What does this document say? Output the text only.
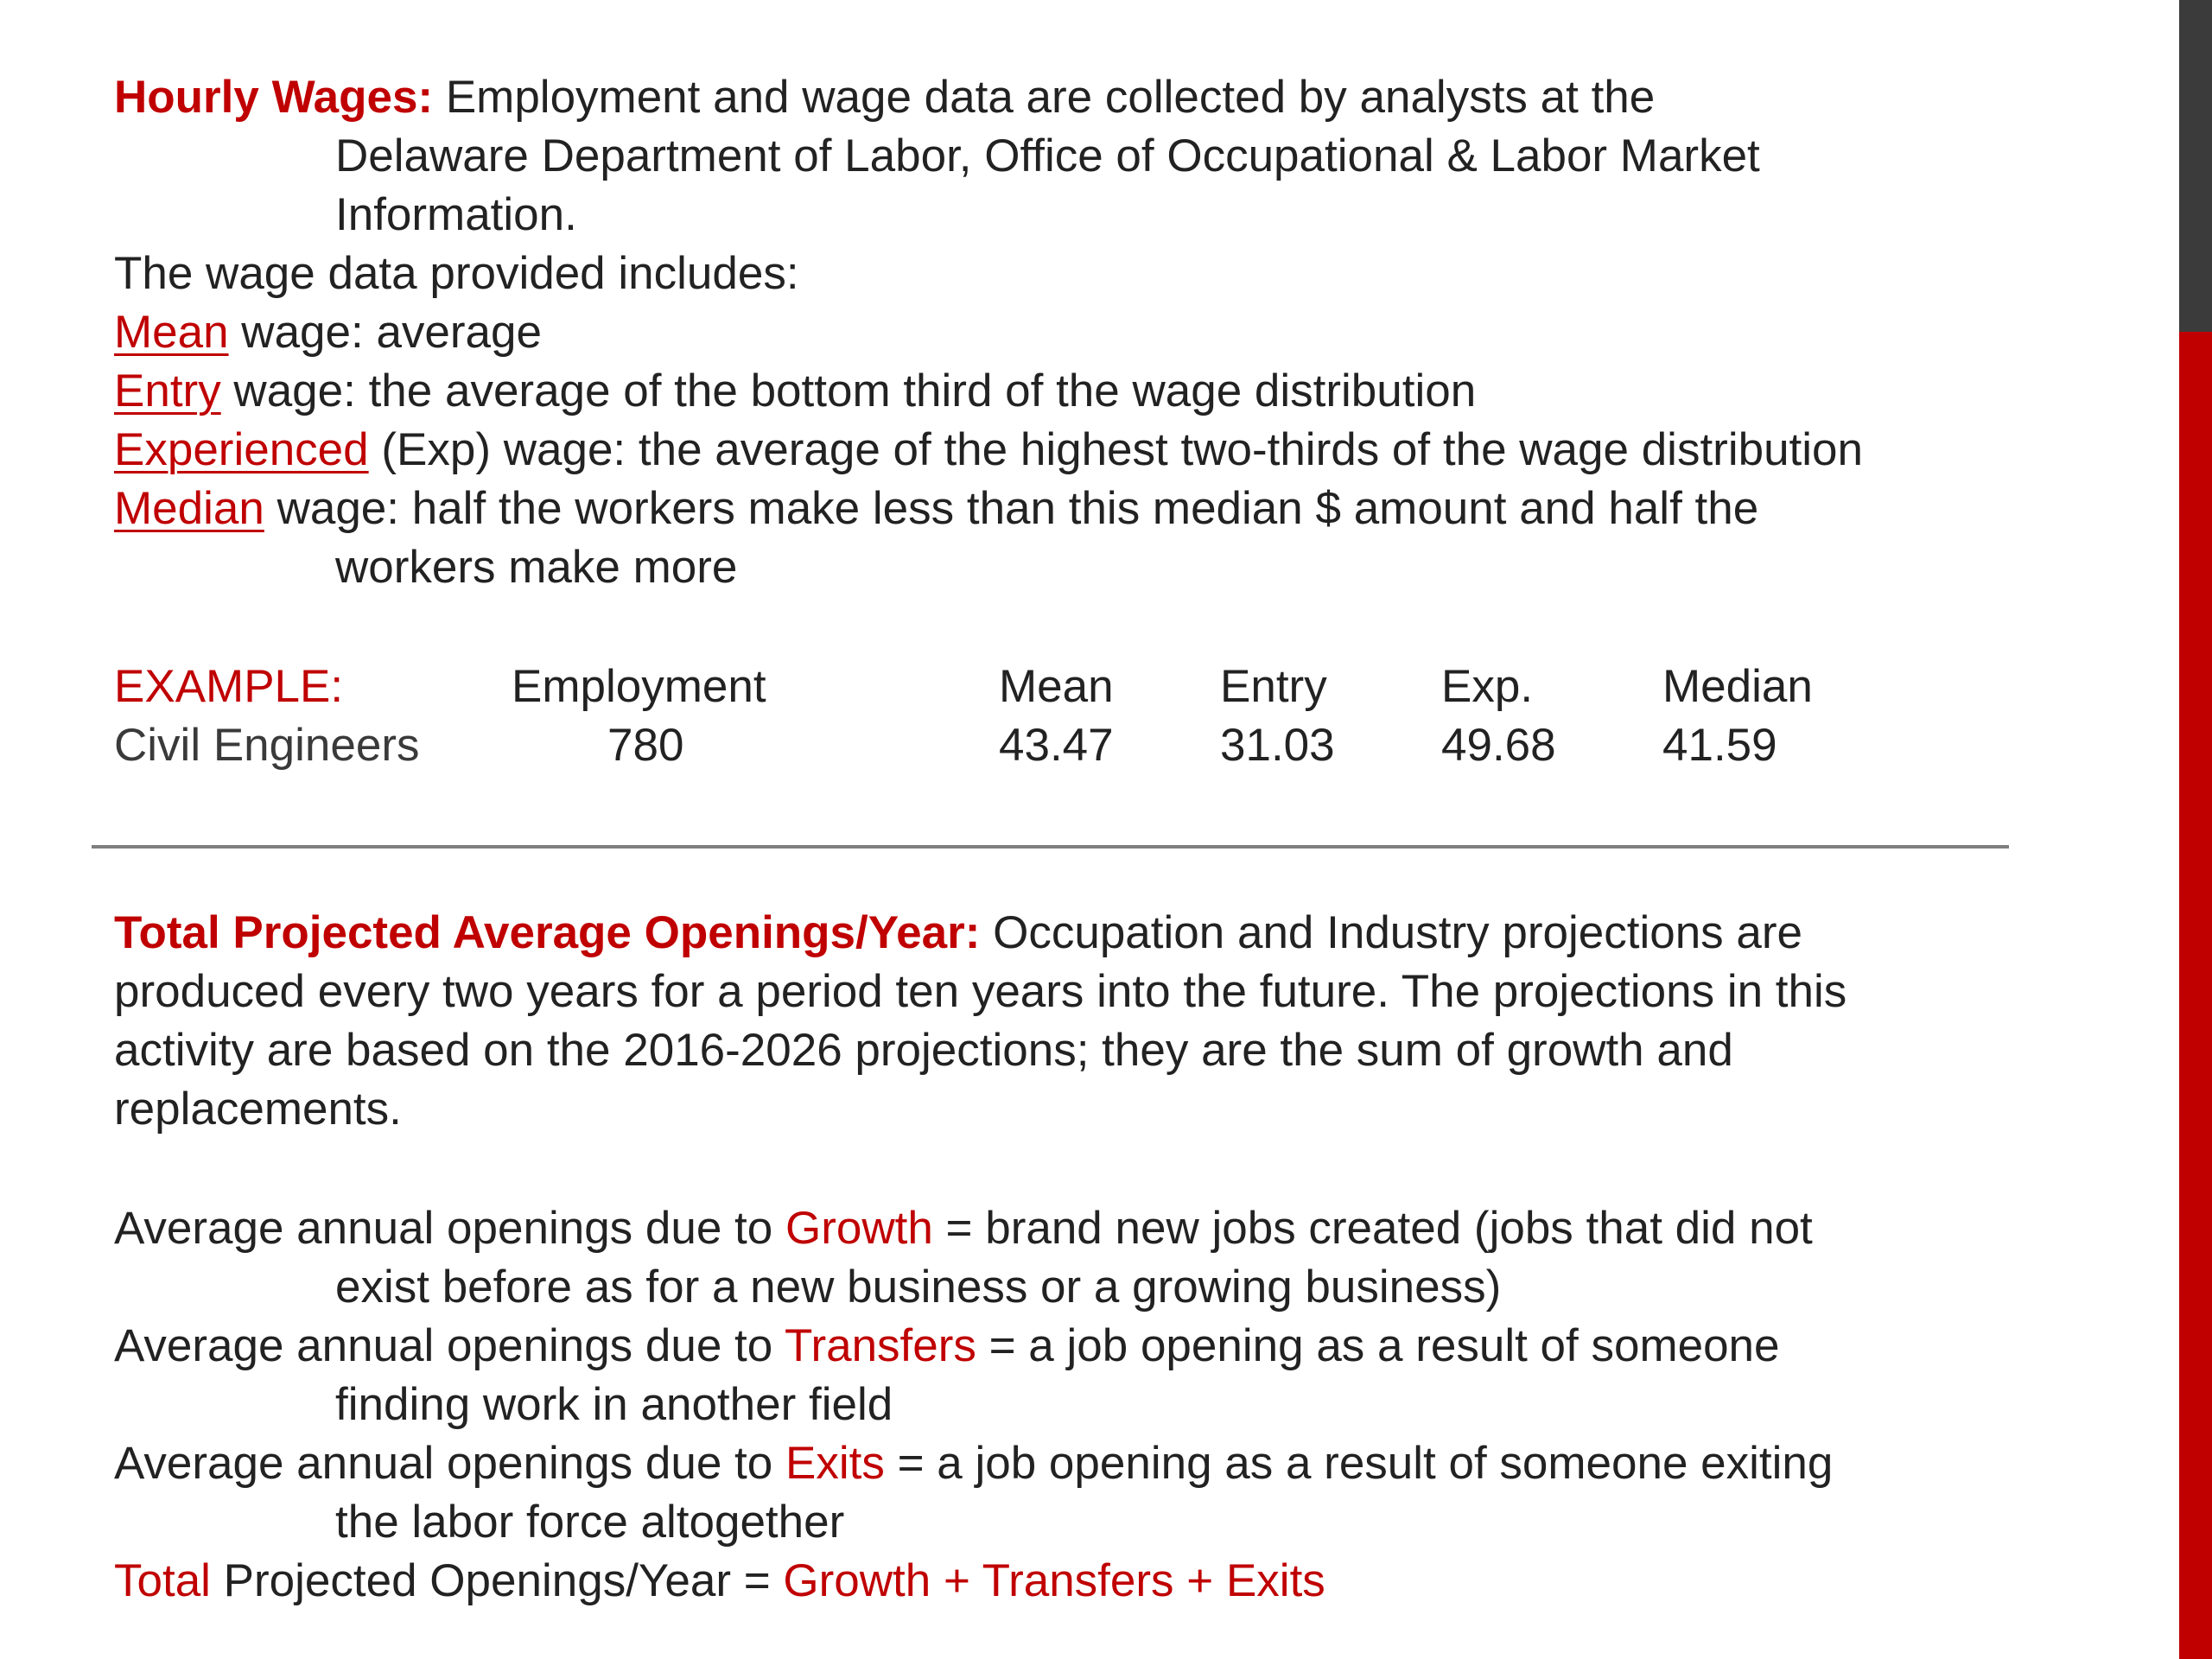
Hourly Wages: Employment and wage data are collected by analysts at the
Delaware Department of Labor, Office of Occupational & Labor Market
Information.
The wage data provided includes:
Mean wage: average
Entry wage: the average of the bottom third of the wage distribution
Experienced (Exp) wage: the average of the highest two-thirds of the wage distribution
Median wage: half the workers make less than this median $ amount and half the
workers make more
EXAMPLE:	Employment	Mean Entry Exp.	Median
Civil Engineers	780	43.47 31.03 49.68 41.59
Total Projected Average Openings/Year: Occupation and Industry projections are
produced every two years for a period ten years into the future. The projections in this
activity are based on the 2016-2026 projections; they are the sum of growth and
replacements.
Average annual openings due to Growth = brand new jobs created (jobs that did not
exist before as for a new business or a growing business)
Average annual openings due to Transfers = a job opening as a result of someone
finding work in another field
Average annual openings due to Exits = a job opening as a result of someone exiting
the labor force altogether
Total Projected Openings/Year = Growth + Transfers + Exits
